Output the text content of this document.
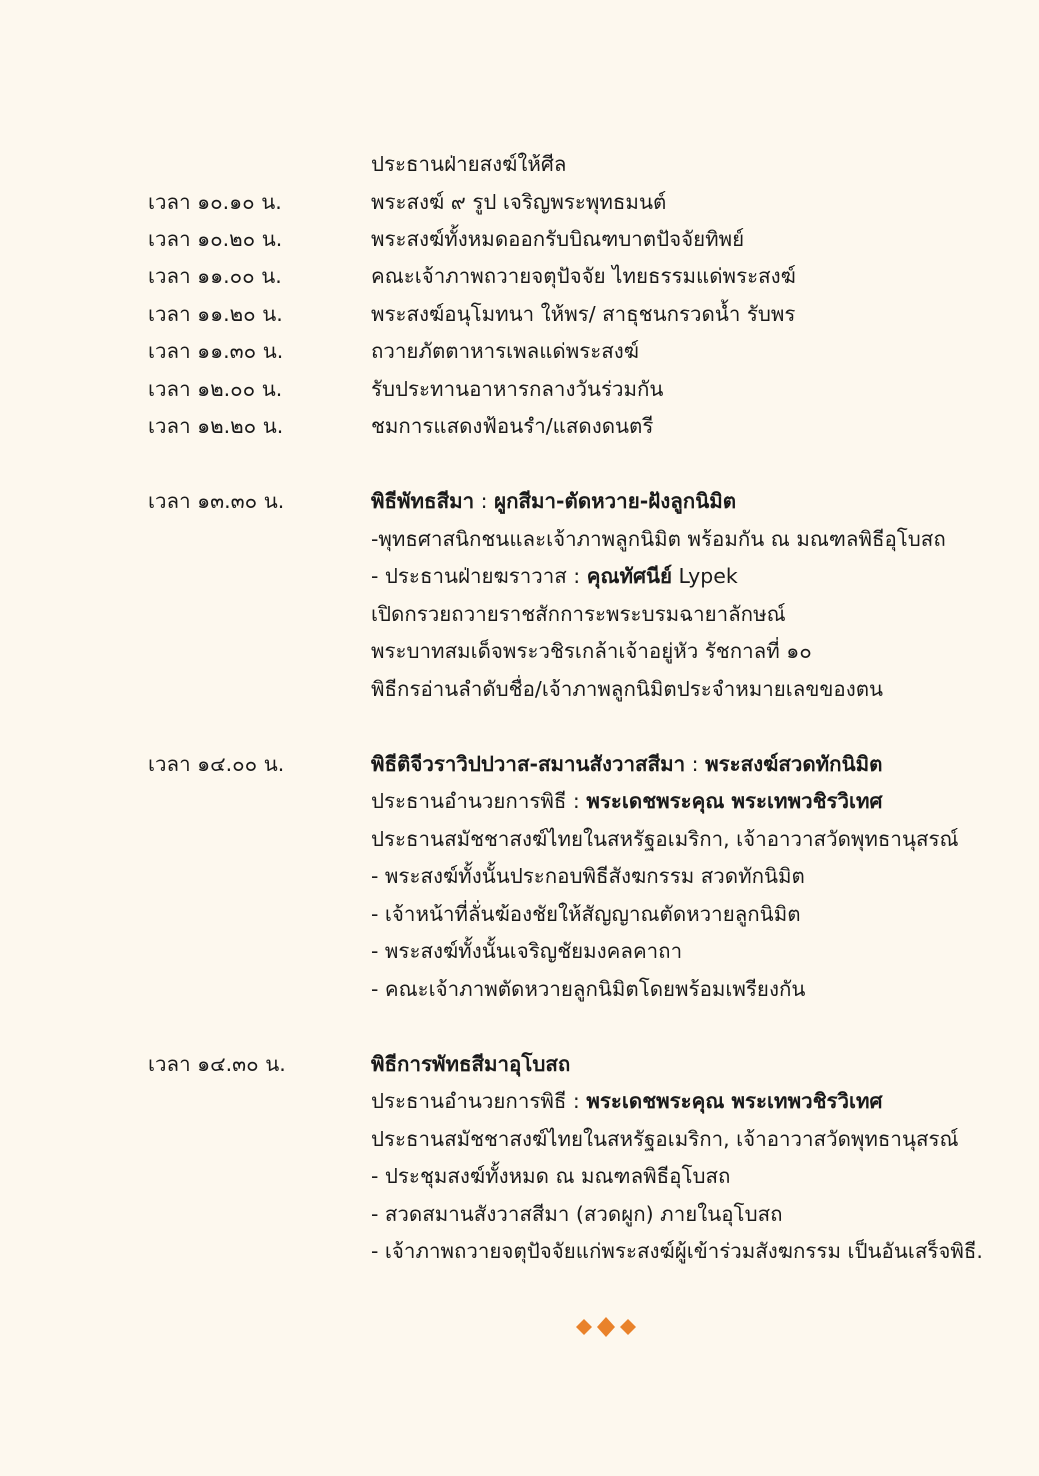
ประธานฝ่ายสงฆ์ให้ศีล
เวลา ๑๐.๑๐ น.	พระสงฆ์ ๙ รูป เจริญพระพุทธมนต์
เวลา ๑๐.๒๐ น.	พระสงฆ์ทั้งหมดออกรับบิณฑบาตปัจจัยทิพย์
เวลา ๑๑.๐๐ น.	คณะเจ้าภาพถวายจตุปัจจัย ไทยธรรมแด่พระสงฆ์
เวลา ๑๑.๒๐ น.	พระสงฆ์อนุโมทนา ให้พร/ สาธุชนกรวดน้ำ รับพร
เวลา ๑๑.๓๐ น.	ถวายภัตตาหารเพลแด่พระสงฆ์
เวลา ๑๒.๐๐ น.	รับประทานอาหารกลางวันร่วมกัน
เวลา ๑๒.๒๐ น.	ชมการแสดงฟ้อนรำ/แสดงดนตรี
เวลา ๑๓.๓๐ น.	พิธีพัทธสีมา : ผูกสีมา-ตัดหวาย-ฝังลูกนิมิต
-พุทธศาสนิกชนและเจ้าภาพลูกนิมิต พร้อมกัน ณ มณฑลพิธีอุโบสถ
- ประธานฝ่ายฆราวาส : คุณทัศนีย์ Lypek
เปิดกรวยถวายราชสักการะพระบรมฉายาลักษณ์
พระบาทสมเด็จพระวชิรเกล้าเจ้าอยู่หัว รัชกาลที่ ๑๐
พิธีกรอ่านลำดับชื่อ/เจ้าภาพลูกนิมิตประจำหมายเลขของตน
เวลา ๑๔.๐๐ น.	พิธีติจีวราวิปปวาส-สมานสังวาสสีมา : พระสงฆ์สวดทักนิมิต
ประธานอำนวยการพิธี : พระเดชพระคุณ พระเทพวชิรวิเทศ
ประธานสมัชชาสงฆ์ไทยในสหรัฐอเมริกา, เจ้าอาวาสวัดพุทธานุสรณ์
- พระสงฆ์ทั้งนั้นประกอบพิธีสังฆกรรม สวดทักนิมิต
- เจ้าหน้าที่ลั่นฆ้องชัยให้สัญญาณตัดหวายลูกนิมิต
- พระสงฆ์ทั้งนั้นเจริญชัยมงคลคาถา
- คณะเจ้าภาพตัดหวายลูกนิมิตโดยพร้อมเพรียงกัน
เวลา ๑๔.๓๐ น.	พิธีการพัทธสีมาอุโบสถ
ประธานอำนวยการพิธี : พระเดชพระคุณ พระเทพวชิรวิเทศ
ประธานสมัชชาสงฆ์ไทยในสหรัฐอเมริกา, เจ้าอาวาสวัดพุทธานุสรณ์
- ประชุมสงฆ์ทั้งหมด ณ มณฑลพิธีอุโบสถ
- สวดสมานสังวาสสีมา (สวดผูก) ภายในอุโบสถ
- เจ้าภาพถวายจตุปัจจัยแก่พระสงฆ์ผู้เข้าร่วมสังฆกรรม เป็นอันเสร็จพิธี.
